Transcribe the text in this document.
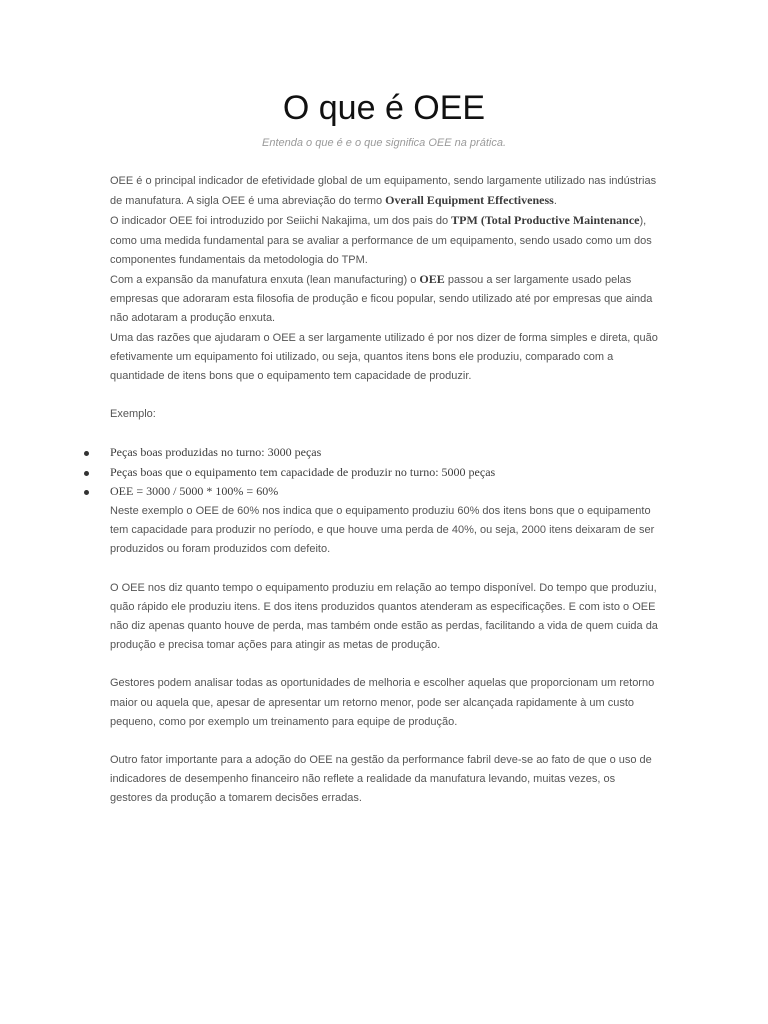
O que é OEE
Entenda o que é e o que significa OEE na prática.

OEE é o principal indicador de efetividade global de um equipamento, sendo largamente utilizado nas indústrias de manufatura. A sigla OEE é uma abreviação do termo Overall Equipment Effectiveness.

O indicador OEE foi introduzido por Seiichi Nakajima, um dos pais do TPM (Total Productive Maintenance), como uma medida fundamental para se avaliar a performance de um equipamento, sendo usado como um dos componentes fundamentais da metodologia do TPM.

Com a expansão da manufatura enxuta (lean manufacturing) o OEE passou a ser largamente usado pelas empresas que adoraram esta filosofia de produção e ficou popular, sendo utilizado até por empresas que ainda não adotaram a produção enxuta.

Uma das razões que ajudaram o OEE a ser largamente utilizado é por nos dizer de forma simples e direta, quão efetivamente um equipamento foi utilizado, ou seja, quantos itens bons ele produziu, comparado com a quantidade de itens bons que o equipamento tem capacidade de produzir.

Exemplo:

Peças boas produzidas no turno: 3000 peças
Peças boas que o equipamento tem capacidade de produzir no turno: 5000 peças
OEE = 3000 / 5000 * 100% = 60%

Neste exemplo o OEE de 60% nos indica que o equipamento produziu 60% dos itens bons que o equipamento tem capacidade para produzir no período, e que houve uma perda de 40%, ou seja, 2000 itens deixaram de ser produzidos ou foram produzidos com defeito.

O OEE nos diz quanto tempo o equipamento produziu em relação ao tempo disponível. Do tempo que produziu, quão rápido ele produziu itens. E dos itens produzidos quantos atenderam as especificações. E com isto o OEE não diz apenas quanto houve de perda, mas também onde estão as perdas, facilitando a vida de quem cuida da produção e precisa tomar ações para atingir as metas de produção.

Gestores podem analisar todas as oportunidades de melhoria e escolher aquelas que proporcionam um retorno maior ou aquela que, apesar de apresentar um retorno menor, pode ser alcançada rapidamente à um custo pequeno, como por exemplo um treinamento para equipe de produção.

Outro fator importante para a adoção do OEE na gestão da performance fabril deve-se ao fato de que o uso de indicadores de desempenho financeiro não reflete a realidade da manufatura levando, muitas vezes, os gestores da produção a tomarem decisões erradas.
